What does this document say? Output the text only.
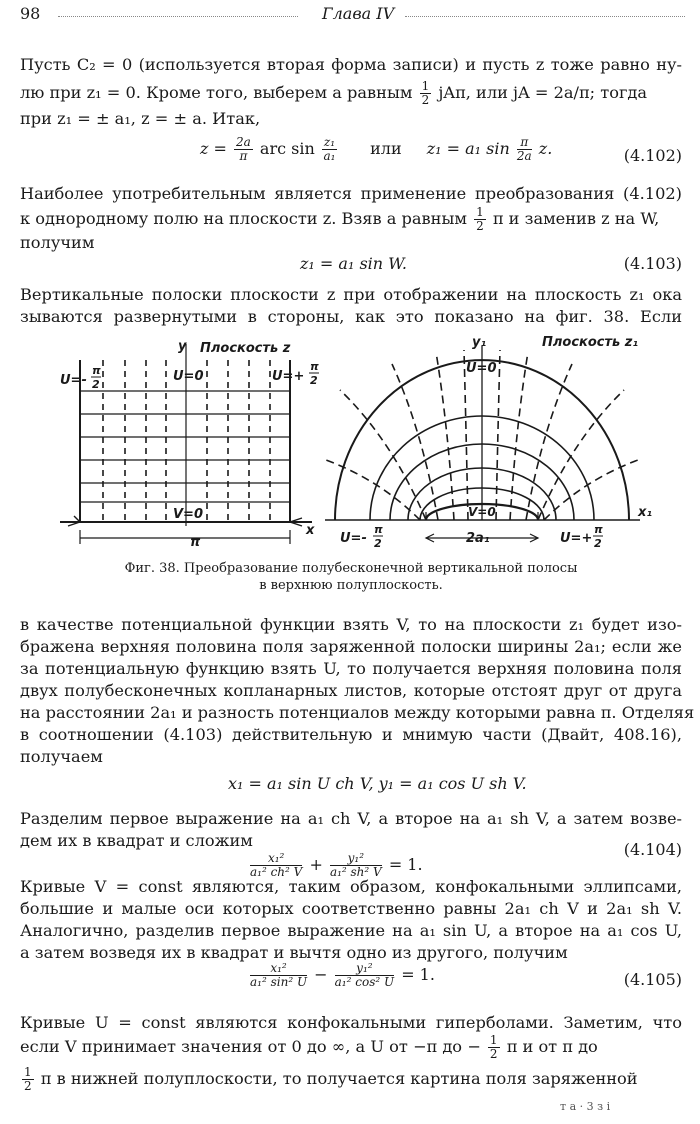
98	Глава IV
Пусть C₂ = 0 (используется вторая форма записи) и пусть z тоже равно ну-
лю при z₁ = 0. Кроме того, выберем a равным $\frac{1}{2} jA\pi$, или jA = 2a/π; тогда
при z₁ = ± a₁, z = ± a. Итак,
$z = \frac{2a}{\pi}$ arc $\sin \frac{\text{z₁}}{\text{a₁}}$ или z₁ = a₁ $\sin \frac{\pi}{2a} z$.	(4.102)
Наиболее употребительным является применение преобразования (4.102)
к однородному полю на плоскости z. Взяв a равным $\frac{1}{2}$ π и заменив z на W,
получим
z₁ = a₁ sin W.	(4.103)
Вертикальные полоски плоскости z при отображении на плоскость z₁ ока
зываются развернутыми в стороны, как это показано на фиг. 38. Если
y Плоскость z
U=-
π
2
U=0	U=+
π
2
V=0
x
π
y₁	Плоскость z₁
U=0
V=0	x₁
U=-
π
2	U=+
π
2
2a₁
Фиг. 38. Преобразование полубесконечной вертикальной полосы
в верхнюю полуплоскость.
в качестве потенциальной функции взять V, то на плоскости z₁ будет изо-
бражена верхняя половина поля заряженной полоски ширины 2a₁; если же
за потенциальную функцию взять U, то получается верхняя половина поля
двух полубесконечных копланарных листов, которые отстоят друг от друга
на расстоянии 2a₁ и разность потенциалов между которыми равна π. Отделяя
в соотношении (4.103) действительную и мнимую части (Двайт, 408.16),
получаем
x₁ = a₁ sin U ch V, y₁ = a₁ cos U sh V.
Разделим первое выражение на a₁ ch V, а второе на a₁ sh V, а затем возве-
дем их в квадрат и сложим
$\frac{\text{x₁²}}{\text{a₁² ch² V}} + \frac{\text{y₁²}}{\text{a₁² sh² V}} = 1$.
(4.104)
Кривые V = const являются, таким образом, конфокальными эллипсами,
большие и малые оси которых соответственно равны 2a₁ ch V и 2a₁ sh V.
Аналогично, разделив первое выражение на a₁ sin U, а второе на a₁ cos U,
а затем возведя их в квадрат и вычтя одно из другого, получим
$\frac{\text{x₁²}}{\text{a₁² sin² U}} - \frac{\text{y₁²}}{\text{a₁² cos² U}} = 1$.	(4.105)
Кривые U = const являются конфокальными гиперболами. Заметим, что
если V принимает значения от 0 до ∞, а U от −π до − $\frac{1}{2}$ π и от π до
$\frac{1}{2}$ π в нижней полуплоскости, то получается картина поля заряженной
т а · 3 з і
